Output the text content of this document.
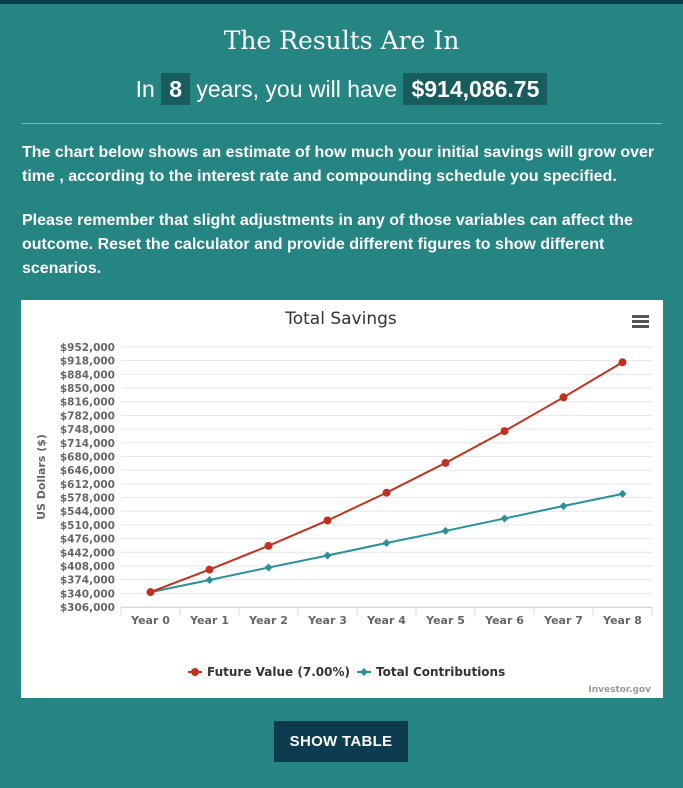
The Results Are In
In 8 years, you will have $914,086.75

The chart below shows an estimate of how much your initial savings will grow over time , according to the interest rate and compounding schedule you specified.

Please remember that slight adjustments in any of those variables can affect the outcome. Reset the calculator and provide different figures to show different scenarios.

Total Savings
$306,000
$340,000
$374,000
$408,000
$442,000
$476,000
$510,000
$544,000
$578,000
$612,000
$646,000
$680,000
$714,000
$748,000
$782,000
$816,000
$850,000
$884,000
$918,000
$952,000
US Dollars ($)
Year 0 Year 1 Year 2 Year 3 Year 4 Year 5 Year 6 Year 7 Year 8
Future Value (7.00%) Total Contributions
Investor.gov
SHOW TABLE
